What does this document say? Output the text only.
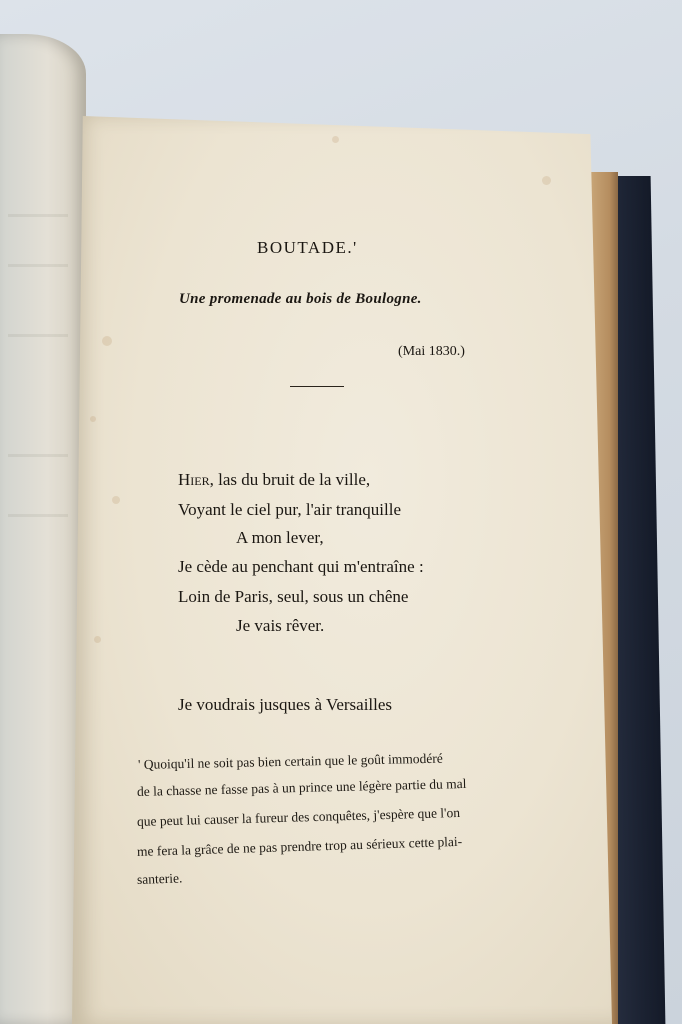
BOUTADE.'
Une promenade au bois de Boulogne.
(Mai 1830.)
Hier, las du bruit de la ville,
Voyant le ciel pur, l'air tranquille
A mon lever,
Je cède au penchant qui m'entraîne :
Loin de Paris, seul, sous un chêne
Je vais rêver.
Je voudrais jusques à Versailles
' Quoiqu'il ne soit pas bien certain que le goût immodéré
de la chasse ne fasse pas à un prince une légère partie du mal
que peut lui causer la fureur des conquêtes, j'espère que l'on
me fera la grâce de ne pas prendre trop au sérieux cette plai-
santerie.
